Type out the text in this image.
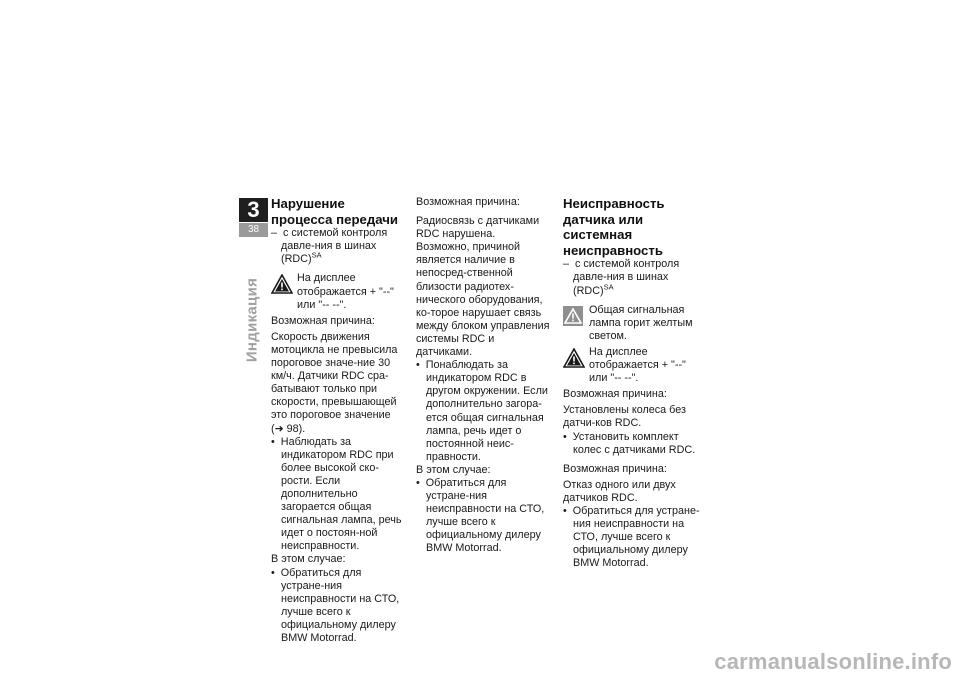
3
38
Индикация
Нарушение процесса передачи

–  с системой контроля давле-ния в шинах (RDC)$^{SA}$

На дисплее отображается + "--" или "-- --".

Возможная причина:

Скорость движения мотоцикла не превысила пороговое значе-ние 30 км/ч. Датчики RDC сра-батывают только при скорости, превышающей это пороговое значение (➜ 98).

•  Наблюдать за индикатором RDC при более высокой ско-рости. Если дополнительно загорается общая сигнальная лампа, речь идет о постоян-ной неисправности.

В этом случае:

•  Обратиться для устране-ния неисправности на СТО, лучше всего к официальному дилеру BMW Motorrad.

Возможная причина:

Радиосвязь с датчиками RDC нарушена. Возможно, причиной является наличие в непосред-ственной близости радиотех-нического оборудования, ко-торое нарушает связь между блоком управления системы RDC и датчиками.

•  Понаблюдать за индикатором RDC в другом окружении. Если дополнительно загора-ется общая сигнальная лампа, речь идет о постоянной неис-правности.

В этом случае:

•  Обратиться для устране-ния неисправности на СТО, лучше всего к официальному дилеру BMW Motorrad.

Неисправность датчика или системная неисправность

–  с системой контроля давле-ния в шинах (RDC)$^{SA}$

Общая сигнальная лампа горит желтым светом.

На дисплее отображается + "--" или "-- --".

Возможная причина:

Установлены колеса без датчи-ков RDC.

•  Установить комплект колес с датчиками RDC.

Возможная причина:

Отказ одного или двух датчиков RDC.

•  Обратиться для устране-ния неисправности на СТО, лучше всего к официальному дилеру BMW Motorrad.

carmanualsonline.info
